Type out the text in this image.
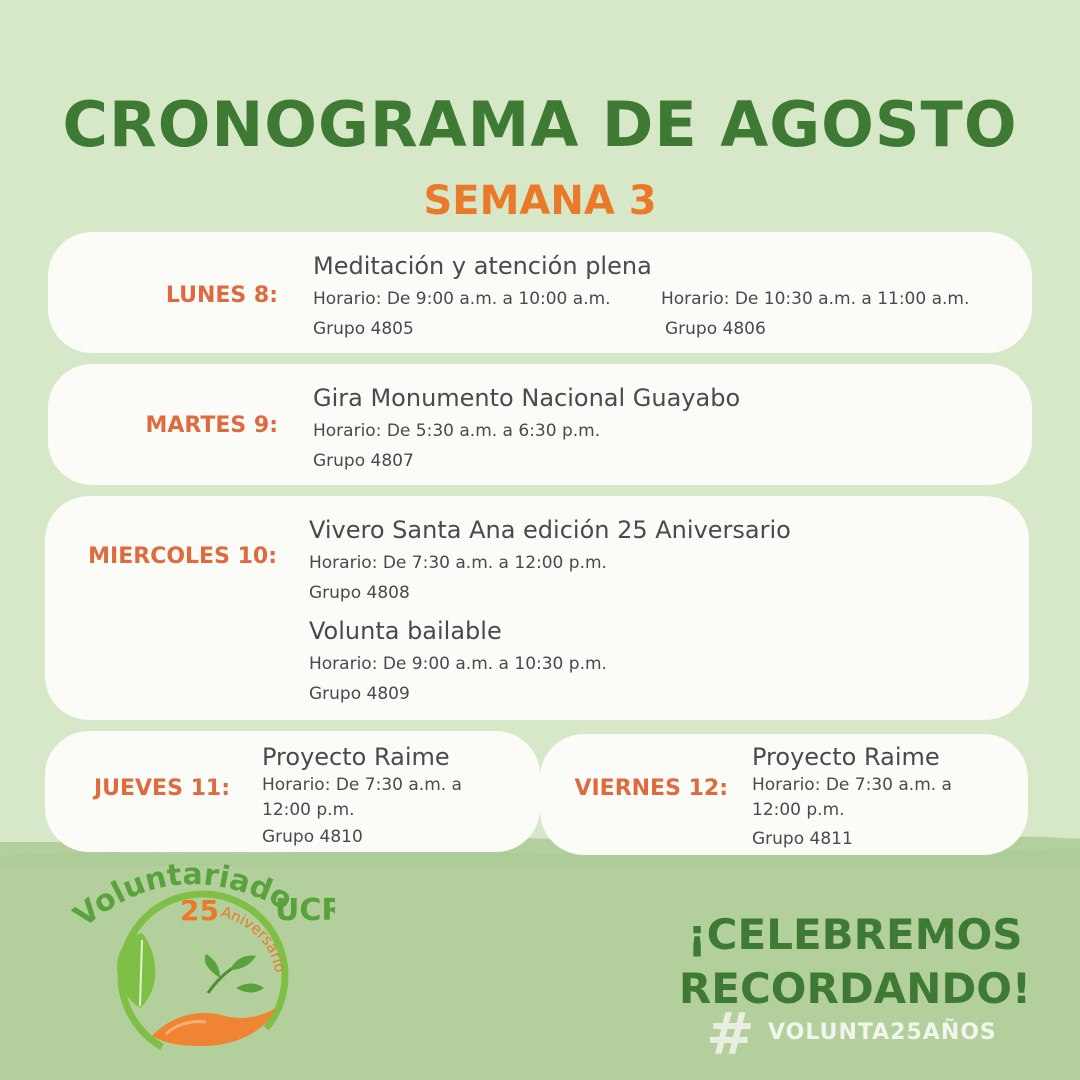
CRONOGRAMA DE AGOSTO
SEMANA 3
LUNES 8:
Meditación y atención plena
Horario: De 9:00 a.m. a 10:00 a.m.
Grupo 4805
Horario: De 10:30 a.m. a 11:00 a.m.
Grupo 4806
MARTES 9:
Gira Monumento Nacional Guayabo
Horario: De 5:30 a.m. a 6:30 p.m.
Grupo 4807
MIERCOLES 10:
Vivero Santa Ana edición 25 Aniversario
Horario: De 7:30 a.m. a 12:00 p.m.
Grupo 4808
Volunta bailable
Horario: De 9:00 a.m. a 10:30 p.m.
Grupo 4809
JUEVES 11:
Proyecto Raime
Horario: De 7:30 a.m. a 12:00 p.m.
Grupo 4810
VIERNES 12:
Proyecto Raime
Horario: De 7:30 a.m. a 12:00 p.m.
Grupo 4811
Voluntariado
UCR
25 Aniversario
¡CELEBREMOS
RECORDANDO!
# VOLUNTA25AÑOS
